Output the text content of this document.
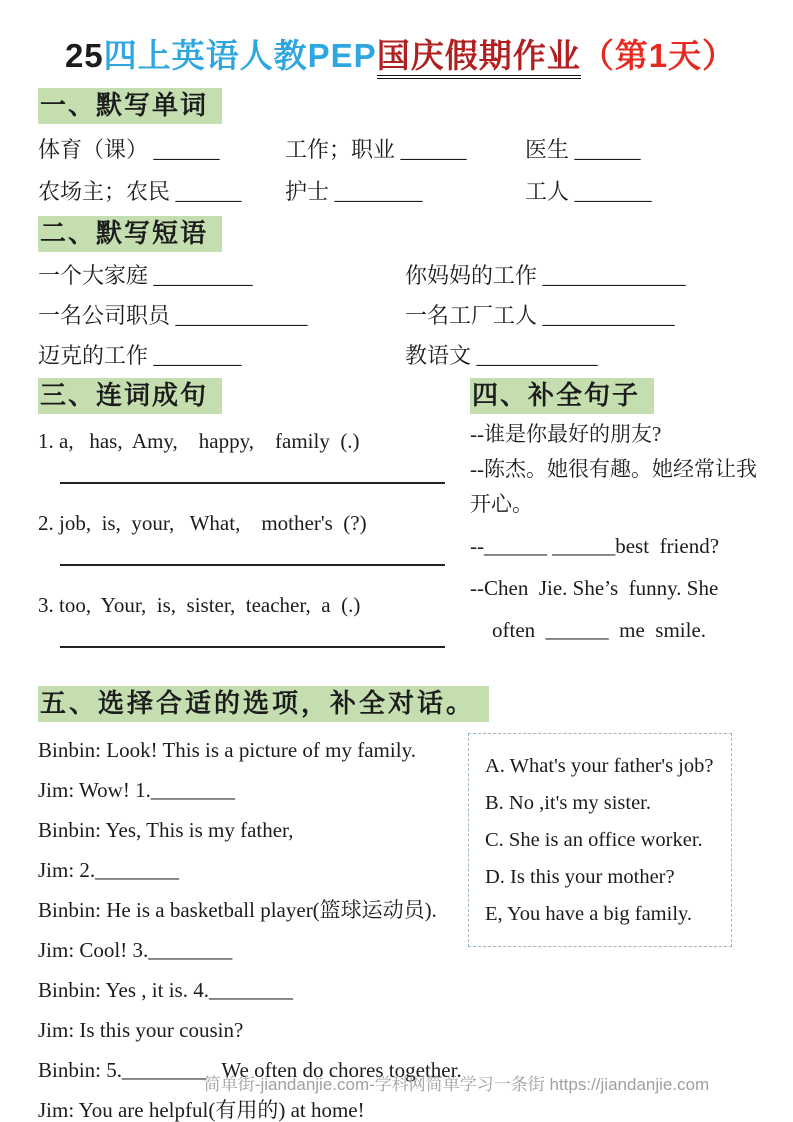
25四上英语人教PEP国庆假期作业（第1天）
一、默写单词
体育（课） ______	工作；职业 ______	医生 ______
农场主；农民 ______	护士 ________	工人 _______
二、默写短语
一个大家庭 _________	你妈妈的工作 _____________
一名公司职员 ____________	一名工厂工人 ____________
迈克的工作 ________	教语文 ___________
三、连词成句
1. a,   has,  Amy,    happy,    family  (.)
2. job,  is,  your,   What,    mother's  (?)
3. too,  Your,  is,  sister,  teacher,  a  (.)
四、补全句子
--谁是你最好的朋友?
--陈杰。她很有趣。她经常让我
开心。
--______ ______best  friend?
--Chen  Jie. She’s  funny. She
often  ______  me  smile.
五、选择合适的选项，补全对话。
Binbin: Look! This is a picture of my family.
Jim: Wow! 1.________
Binbin: Yes, This is my father,
Jim: 2.________
Binbin: He is a basketball player(篮球运动员).
Jim: Cool! 3.________
Binbin: Yes , it is. 4.________
Jim: Is this your cousin?
Binbin: 5.________   We often do chores together.
Jim: You are helpful(有用的) at home!
A. What's your father's job?
B. No ,it's my sister.
C. She is an office worker.
D. Is this your mother?
E, You have a big family.
简单街-jiandanjie.com-学科网简单学习一条街 https://jiandanjie.com
